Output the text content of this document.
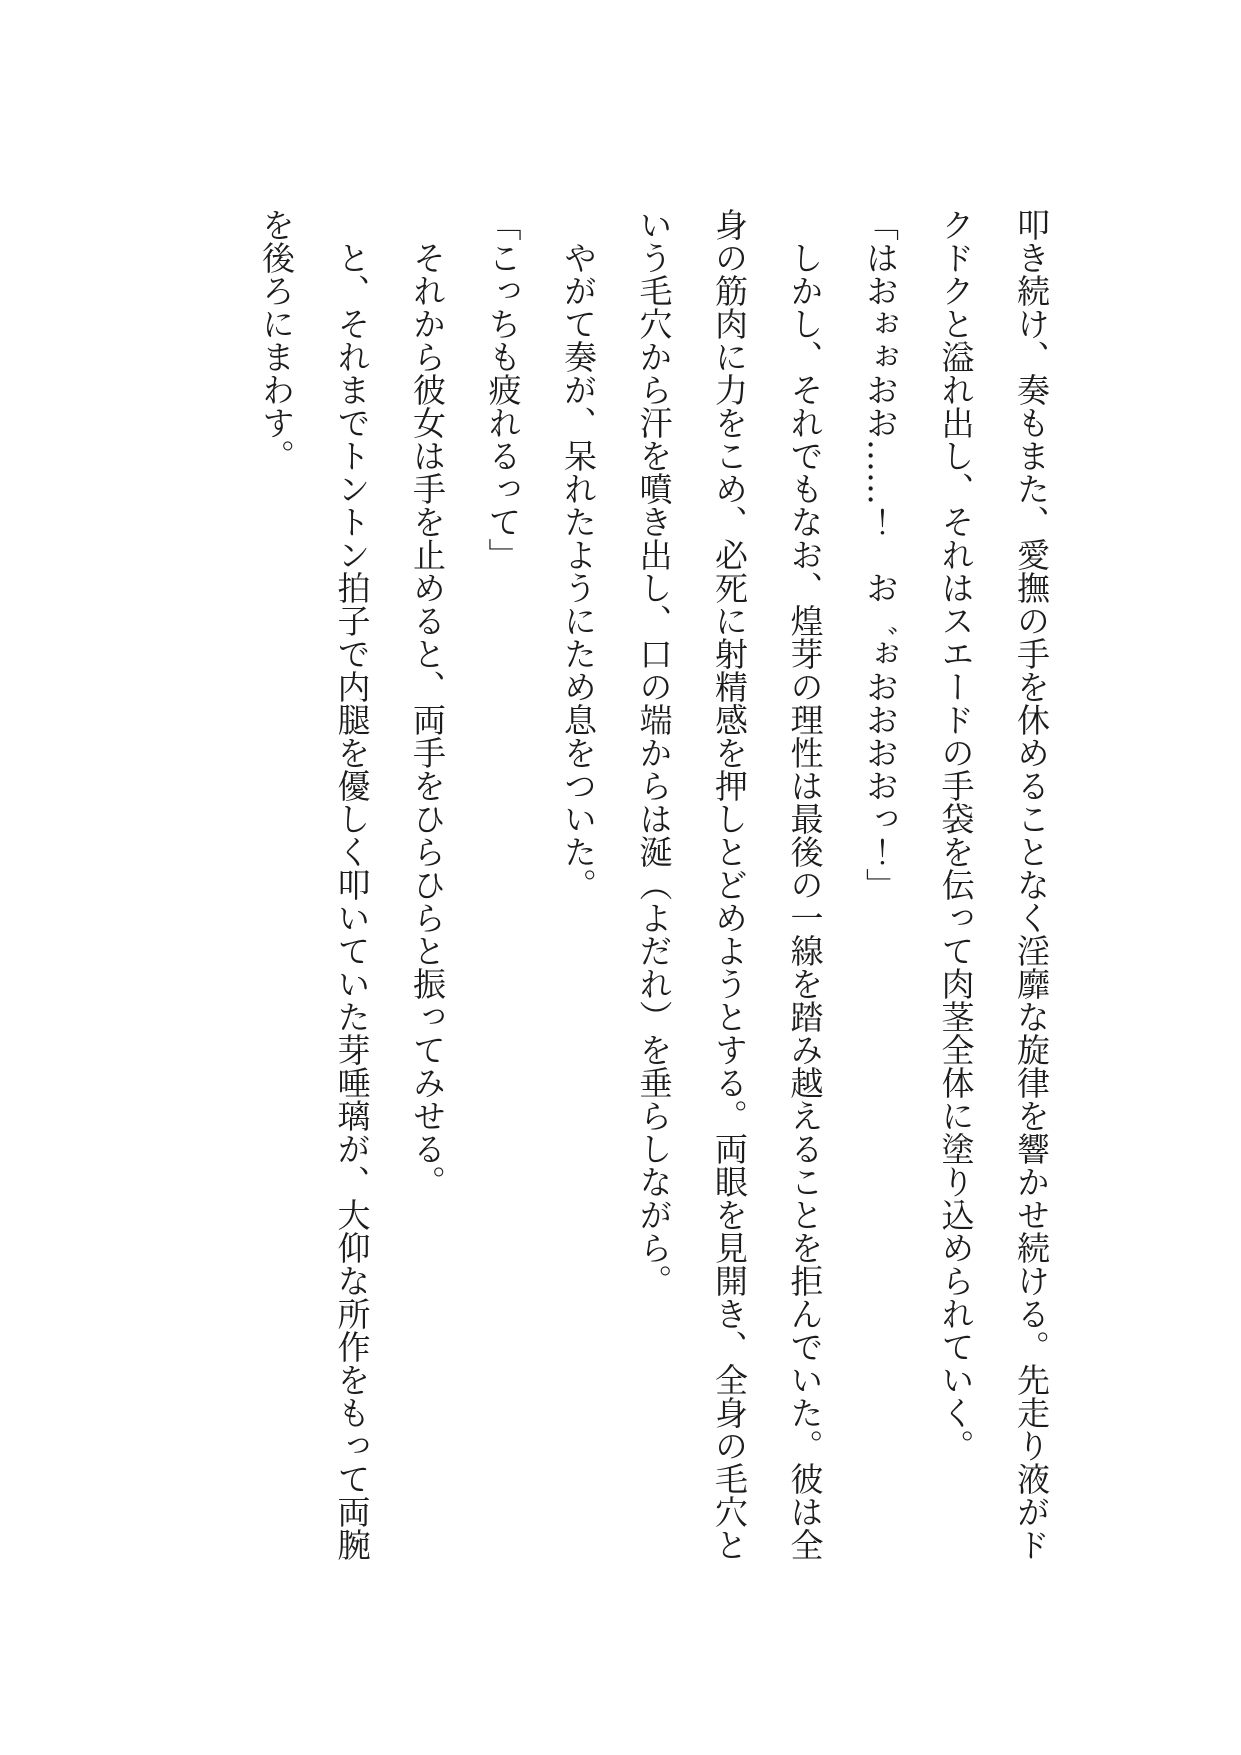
叩き続け、奏もまた、愛撫の手を休めることなく淫靡な旋律を響かせ続ける。先走り液がドクドクと溢れ出し、それはスエードの手袋を伝って肉茎全体に塗り込められていく。

「はおぉぉおお……！　お゛ぉおおおおっ！」

しかし、それでもなお、煌芽の理性は最後の一線を踏み越えることを拒んでいた。彼は全身の筋肉に力をこめ、必死に射精感を押しとどめようとする。両眼を見開き、全身の毛穴という毛穴から汗を噴き出し、口の端からは涎（よだれ）を垂らしながら。

やがて奏が、呆れたようにため息をついた。

「こっちも疲れるって」

それから彼女は手を止めると、両手をひらひらと振ってみせる。

と、それまでトントン拍子で内腿を優しく叩いていた芽唾璃が、大仰な所作をもって両腕を後ろにまわす。
